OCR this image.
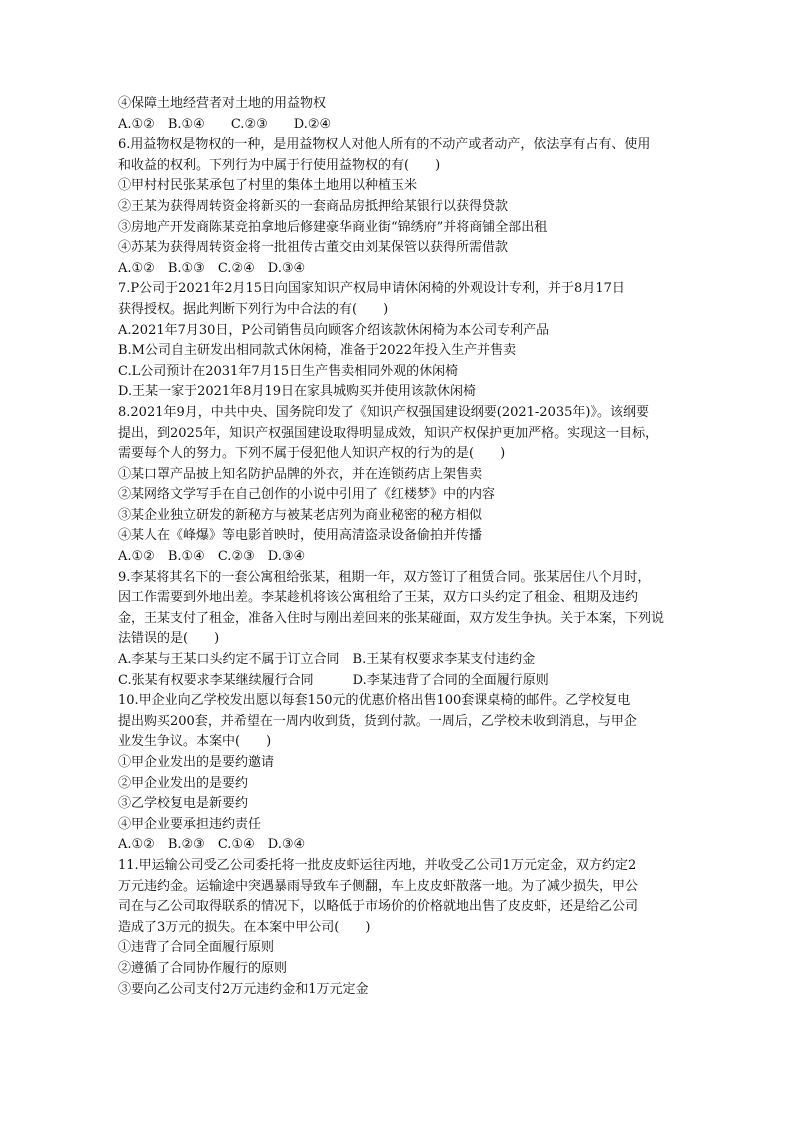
④保障土地经营者对土地的用益物权
A.①②　B.①④　　C.②③　　D.②④
6.用益物权是物权的一种，是用益物权人对他人所有的不动产或者动产，依法享有占有、使用
和收益的权利。下列行为中属于行使用益物权的有(　　)
①甲村村民张某承包了村里的集体土地用以种植玉米
②王某为获得周转资金将新买的一套商品房抵押给某银行以获得贷款
③房地产开发商陈某竞拍拿地后修建豪华商业街“锦绣府”并将商铺全部出租
④苏某为获得周转资金将一批祖传古董交由刘某保管以获得所需借款
A.①②　B.①③　C.②④　D.③④
7.P公司于2021年2月15日向国家知识产权局申请休闲椅的外观设计专利，并于8月17日
获得授权。据此判断下列行为中合法的有(　　)
A.2021年7月30日，P公司销售员向顾客介绍该款休闲椅为本公司专利产品
B.M公司自主研发出相同款式休闲椅，准备于2022年投入生产并售卖
C.L公司预计在2031年7月15日生产售卖相同外观的休闲椅
D.王某一家于2021年8月19日在家具城购买并使用该款休闲椅
8.2021年9月，中共中央、国务院印发了《知识产权强国建设纲要(2021-2035年)》。该纲要
提出，到2025年，知识产权强国建设取得明显成效，知识产权保护更加严格。实现这一目标，
需要每个人的努力。下列不属于侵犯他人知识产权的行为的是(　　)
①某口罩产品披上知名防护品牌的外衣，并在连锁药店上架售卖
②某网络文学写手在自己创作的小说中引用了《红楼梦》中的内容
③某企业独立研发的新秘方与被某老店列为商业秘密的秘方相似
④某人在《峰爆》等电影首映时，使用高清盗录设备偷拍并传播
A.①②　B.①④　C.②③　D.③④
9.李某将其名下的一套公寓租给张某，租期一年，双方签订了租赁合同。张某居住八个月时，
因工作需要到外地出差。李某趁机将该公寓租给了王某，双方口头约定了租金、租期及违约
金，王某支付了租金，准备入住时与刚出差回来的张某碰面，双方发生争执。关于本案，下列说
法错误的是(　　)
A.李某与王某口头约定不属于订立合同　B.王某有权要求李某支付违约金
C.张某有权要求李某继续履行合同　　　D.李某违背了合同的全面履行原则
10.甲企业向乙学校发出愿以每套150元的优惠价格出售100套课桌椅的邮件。乙学校复电
提出购买200套，并希望在一周内收到货，货到付款。一周后，乙学校未收到消息，与甲企
业发生争议。本案中(　　)
①甲企业发出的是要约邀请
②甲企业发出的是要约
③乙学校复电是新要约
④甲企业要承担违约责任
A.①②　B.②③　C.①④　D.③④
11.甲运输公司受乙公司委托将一批皮皮虾运往丙地，并收受乙公司1万元定金，双方约定2
万元违约金。运输途中突遇暴雨导致车子侧翻，车上皮皮虾散落一地。为了减少损失，甲公
司在与乙公司取得联系的情况下，以略低于市场价的价格就地出售了皮皮虾，还是给乙公司
造成了3万元的损失。在本案中甲公司(　　)
①违背了合同全面履行原则
②遵循了合同协作履行的原则
③要向乙公司支付2万元违约金和1万元定金
